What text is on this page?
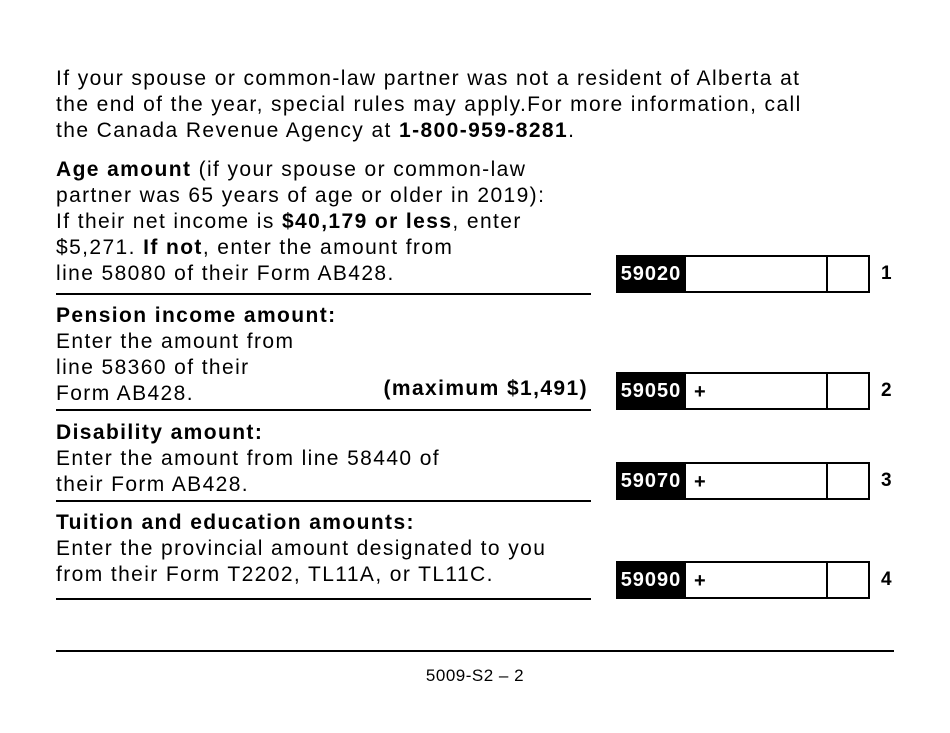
If your spouse or common-law partner was not a resident of Alberta at

the end of the year, special rules may apply.For more information, call

the Canada Revenue Agency at 1-800-959-8281.

Age amount (if your spouse or common-law

partner was 65 years of age or older in 2019):

If their net income is $40,179 or less, enter

$5,271. If not, enter the amount from

line 58080 of their Form AB428.

Pension income amount:

Enter the amount from

line 58360 of their

Form AB428.	(maximum $1,491)

Disability amount:

Enter the amount from line 58440 of

their Form AB428.

Tuition and education amounts:

Enter the provincial amount designated to you

from their Form T2202, TL11A, or TL11C.

59020	1
59050 +	2
59070 +	3
59090 +	4
5009-S2 – 2
